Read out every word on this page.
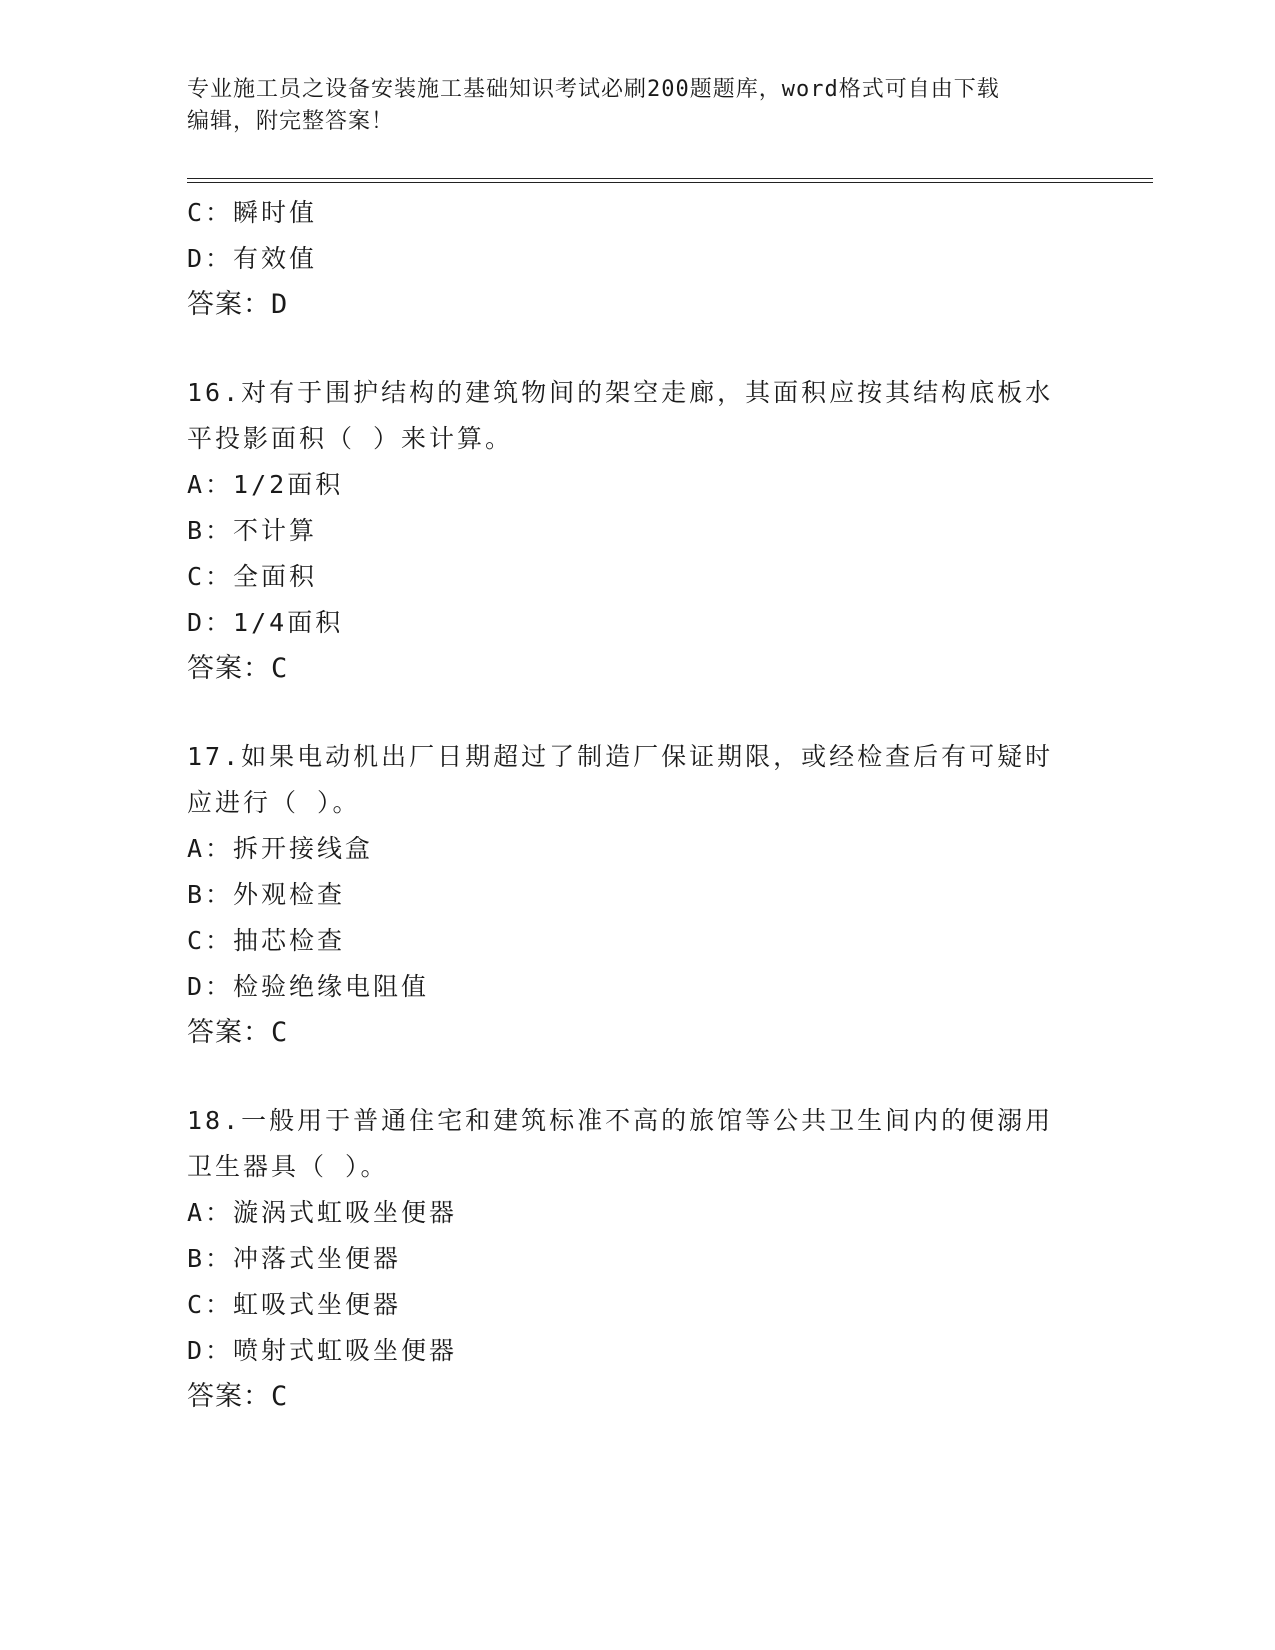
专业施工员之设备安装施工基础知识考试必刷200题题库，word格式可自由下载
编辑，附完整答案！
C：瞬时值
D：有效值
答案：D
16.对有于围护结构的建筑物间的架空走廊，其面积应按其结构底板水
平投影面积（ ）来计算。
A：1/2面积
B：不计算
C：全面积
D：1/4面积
答案：C
17.如果电动机出厂日期超过了制造厂保证期限，或经检查后有可疑时
应进行（ ）。
A：拆开接线盒
B：外观检查
C：抽芯检查
D：检验绝缘电阻值
答案：C
18.一般用于普通住宅和建筑标准不高的旅馆等公共卫生间内的便溺用
卫生器具（ ）。
A：漩涡式虹吸坐便器
B：冲落式坐便器
C：虹吸式坐便器
D：喷射式虹吸坐便器
答案：C
